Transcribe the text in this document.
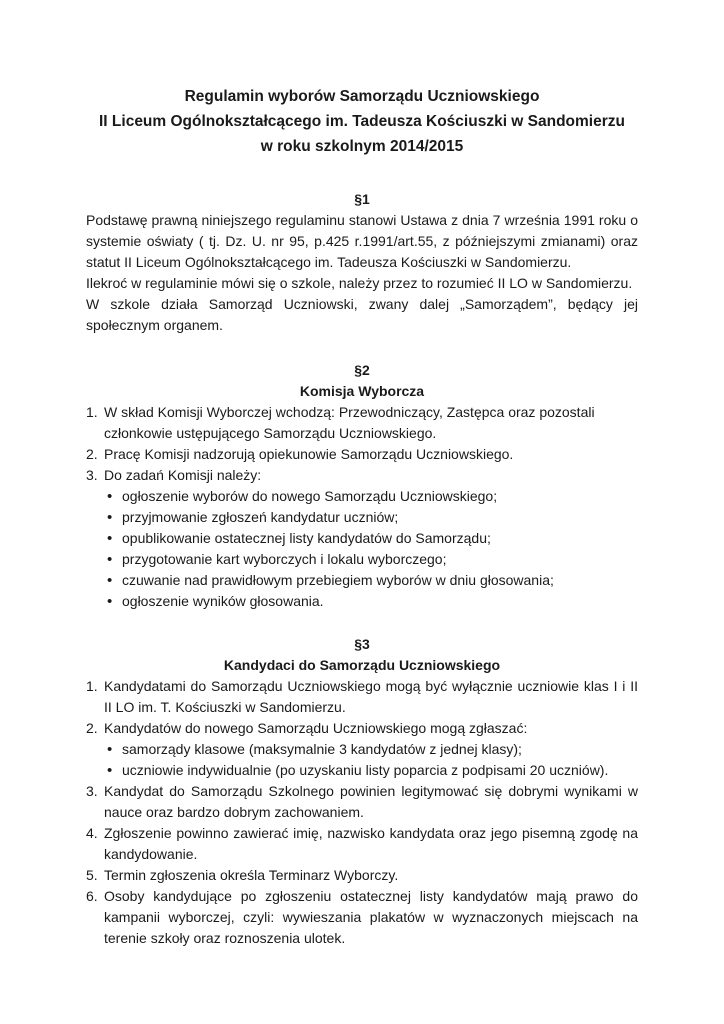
Regulamin wyborów Samorządu Uczniowskiego
II Liceum Ogólnokształcącego im. Tadeusza Kościuszki w Sandomierzu
w roku szkolnym 2014/2015
§1

Podstawę prawną niniejszego regulaminu stanowi Ustawa z dnia 7 września 1991 roku o systemie oświaty ( tj. Dz. U. nr 95, p.425 r.1991/art.55, z późniejszymi zmianami) oraz statut II Liceum Ogólnokształcącego im. Tadeusza Kościuszki w Sandomierzu.

Ilekroć w regulaminie mówi się o szkole, należy przez to rozumieć II LO w Sandomierzu.

W szkole działa Samorząd Uczniowski, zwany dalej „Samorządem”, będący jej społecznym organem.

§2
Komisja Wyborcza
1. W skład Komisji Wyborczej wchodzą: Przewodniczący, Zastępca oraz pozostali członkowie ustępującego Samorządu Uczniowskiego.
2. Pracę Komisji nadzorują opiekunowie Samorządu Uczniowskiego.
3. Do zadań Komisji należy:
• ogłoszenie wyborów do nowego Samorządu Uczniowskiego;
• przyjmowanie zgłoszeń kandydatur uczniów;
• opublikowanie ostatecznej listy kandydatów do Samorządu;
• przygotowanie kart wyborczych i lokalu wyborczego;
• czuwanie nad prawidłowym przebiegiem wyborów w dniu głosowania;
• ogłoszenie wyników głosowania.
§3
Kandydaci do Samorządu Uczniowskiego
1. Kandydatami do Samorządu Uczniowskiego mogą być wyłącznie uczniowie klas I i II II LO im. T. Kościuszki w Sandomierzu.
2. Kandydatów do nowego Samorządu Uczniowskiego mogą zgłaszać:
• samorządy klasowe (maksymalnie 3 kandydatów z jednej klasy);
• uczniowie indywidualnie (po uzyskaniu listy poparcia z podpisami 20 uczniów).
3. Kandydat do Samorządu Szkolnego powinien legitymować się dobrymi wynikami w nauce oraz bardzo dobrym zachowaniem.
4. Zgłoszenie powinno zawierać imię, nazwisko kandydata oraz jego pisemną zgodę na kandydowanie.
5. Termin zgłoszenia określa Terminarz Wyborczy.
6. Osoby kandydujące po zgłoszeniu ostatecznej listy kandydatów mają prawo do kampanii wyborczej, czyli: wywieszania plakatów w wyznaczonych miejscach na terenie szkoły oraz roznoszenia ulotek.
